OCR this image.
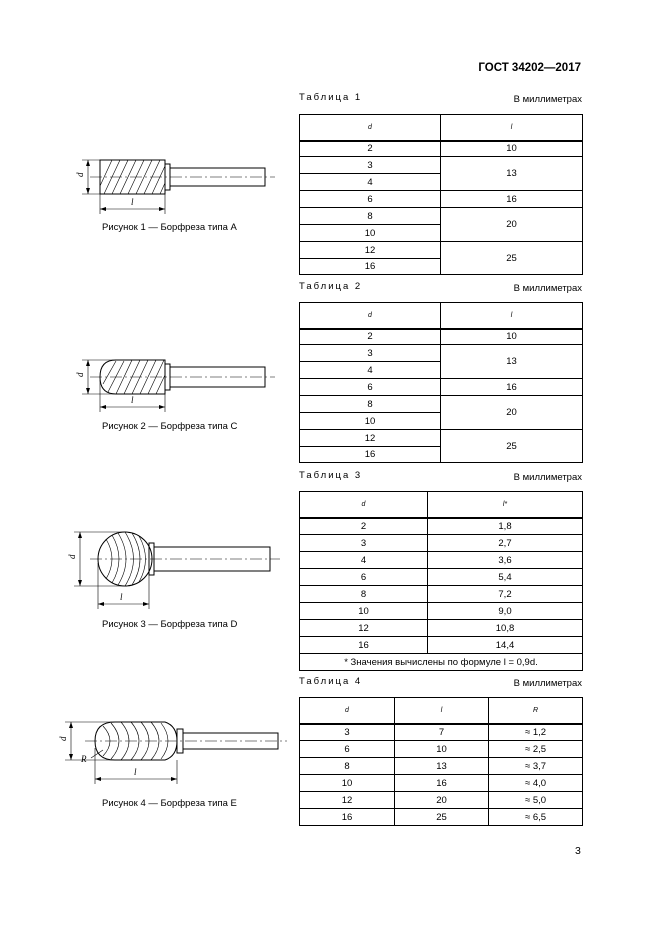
ГОСТ 34202—2017
d
l
Рисунок 1 — Борфреза типа А
d
l
Рисунок 2 — Борфреза типа С
d
l
Рисунок 3 — Борфреза типа D
d
R
l
Рисунок 4 — Борфреза типа Е
Таблица 1	В миллиметрах
d	l
2	10
3	13
4	
6	16
8	20
10	
12	25
16	
Таблица 2	В миллиметрах
d	l
2	10
3	13
4	
6	16
8	20
10	
12	25
16	
Таблица 3	В миллиметрах
d	l*
2	1,8
3	2,7
4	3,6
6	5,4
8	7,2
10	9,0
12	10,8
16	14,4
* Значения вычислены по формуле l = 0,9d.	
Таблица 4	В миллиметрах
d	l	R
3	7	≈ 1,2
6	10	≈ 2,5
8	13	≈ 3,7
10	16	≈ 4,0
12	20	≈ 5,0
16	25	≈ 6,5
3
